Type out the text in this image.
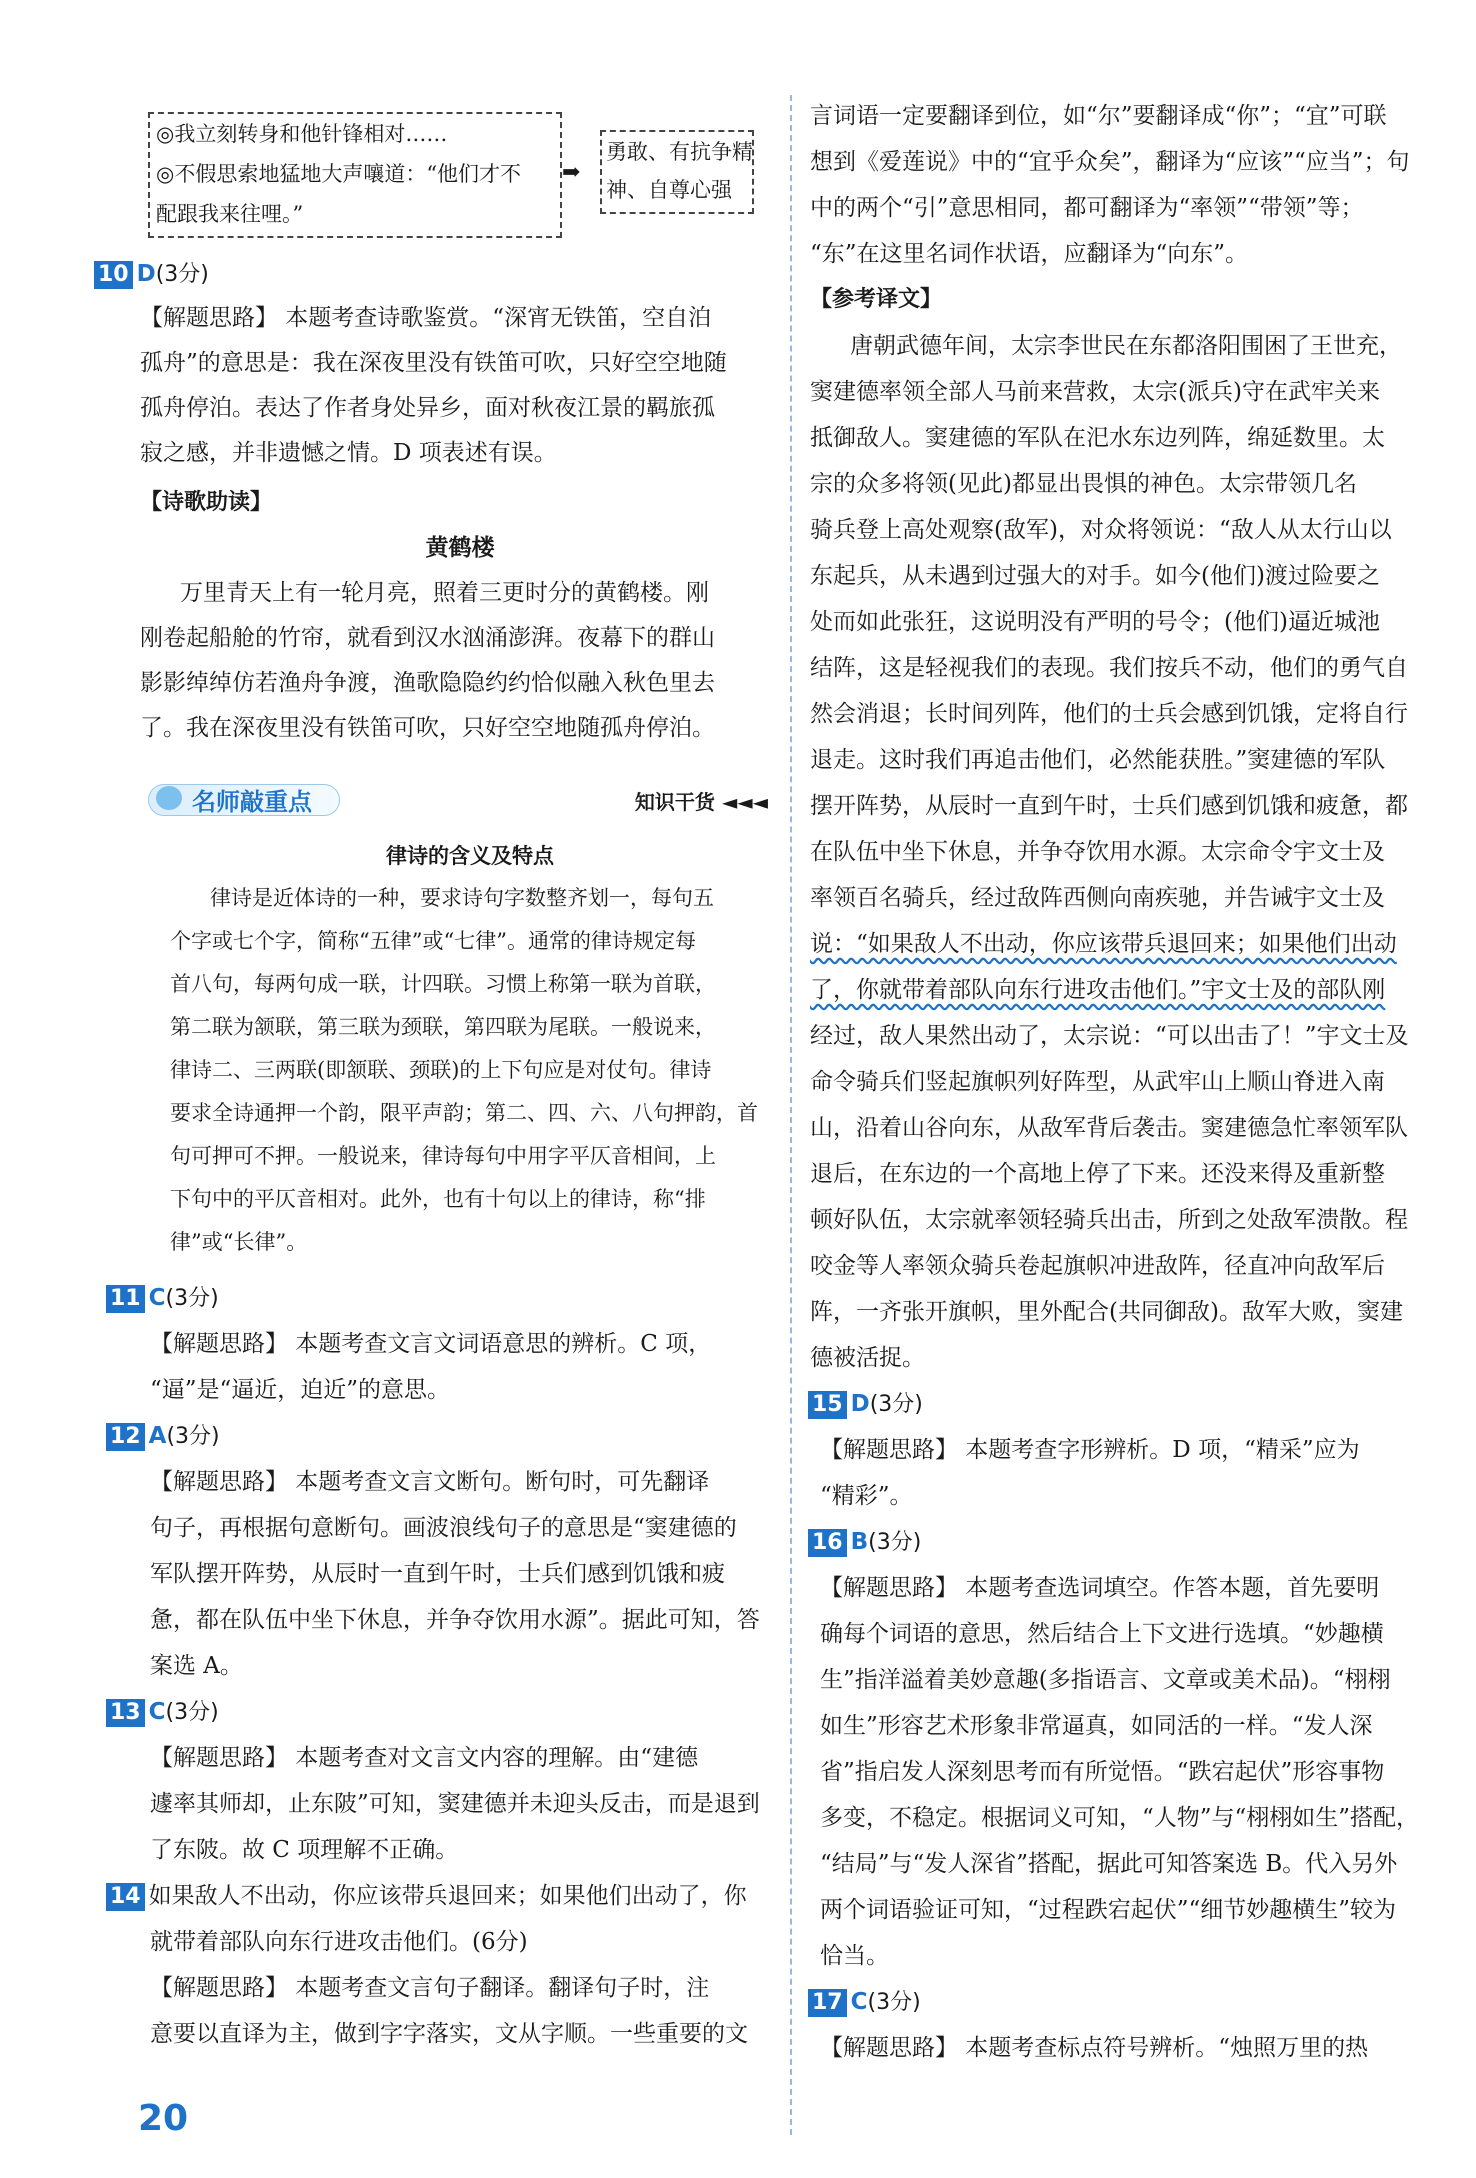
◎我立刻转身和他针锋相对……
◎不假思索地猛地大声嚷道：“他们才不
配跟我来往哩。”
➡
勇敢、有抗争精
神、自尊心强
10 D(3分)
【解题思路】 本题考查诗歌鉴赏。“深宵无铁笛，空自泊
孤舟”的意思是：我在深夜里没有铁笛可吹，只好空空地随
孤舟停泊。表达了作者身处异乡，面对秋夜江景的羁旅孤
寂之感，并非遗憾之情。D 项表述有误。
【诗歌助读】
黄鹤楼
万里青天上有一轮月亮，照着三更时分的黄鹤楼。刚
刚卷起船舱的竹帘，就看到汉水汹涌澎湃。夜幕下的群山
影影绰绰仿若渔舟争渡，渔歌隐隐约约恰似融入秋色里去
了。我在深夜里没有铁笛可吹，只好空空地随孤舟停泊。
名师敲重点	知识干货 ◄◄◄
律诗的含义及特点
律诗是近体诗的一种，要求诗句字数整齐划一，每句五
个字或七个字，简称“五律”或“七律”。通常的律诗规定每
首八句，每两句成一联，计四联。习惯上称第一联为首联，
第二联为颔联，第三联为颈联，第四联为尾联。一般说来，
律诗二、三两联(即颔联、颈联)的上下句应是对仗句。律诗
要求全诗通押一个韵，限平声韵；第二、四、六、八句押韵，首
句可押可不押。一般说来，律诗每句中用字平仄音相间，上
下句中的平仄音相对。此外，也有十句以上的律诗，称“排
律”或“长律”。
11 C(3分)
【解题思路】 本题考查文言文词语意思的辨析。C 项，
“逼”是“逼近，迫近”的意思。
12 A(3分)
【解题思路】 本题考查文言文断句。断句时，可先翻译
句子，再根据句意断句。画波浪线句子的意思是“窦建德的
军队摆开阵势，从辰时一直到午时，士兵们感到饥饿和疲
惫，都在队伍中坐下休息，并争夺饮用水源”。据此可知，答
案选 A。
13 C(3分)
【解题思路】 本题考查对文言文内容的理解。由“建德
遽率其师却，止东陂”可知，窦建德并未迎头反击，而是退到
了东陂。故 C 项理解不正确。
14 如果敌人不出动，你应该带兵退回来；如果他们出动了，你
就带着部队向东行进攻击他们。(6分)
【解题思路】 本题考查文言句子翻译。翻译句子时，注
意要以直译为主，做到字字落实，文从字顺。一些重要的文
20
言词语一定要翻译到位，如“尔”要翻译成“你”；“宜”可联
想到《爱莲说》中的“宜乎众矣”，翻译为“应该”“应当”；句
中的两个“引”意思相同，都可翻译为“率领”“带领”等；
“东”在这里名词作状语，应翻译为“向东”。
【参考译文】
唐朝武德年间，太宗李世民在东都洛阳围困了王世充，
窦建德率领全部人马前来营救，太宗(派兵)守在武牢关来
抵御敌人。窦建德的军队在汜水东边列阵，绵延数里。太
宗的众多将领(见此)都显出畏惧的神色。太宗带领几名
骑兵登上高处观察(敌军)，对众将领说：“敌人从太行山以
东起兵，从未遇到过强大的对手。如今(他们)渡过险要之
处而如此张狂，这说明没有严明的号令；(他们)逼近城池
结阵，这是轻视我们的表现。我们按兵不动，他们的勇气自
然会消退；长时间列阵，他们的士兵会感到饥饿，定将自行
退走。这时我们再追击他们，必然能获胜。”窦建德的军队
摆开阵势，从辰时一直到午时，士兵们感到饥饿和疲惫，都
在队伍中坐下休息，并争夺饮用水源。太宗命令宇文士及
率领百名骑兵，经过敌阵西侧向南疾驰，并告诫宇文士及
说：“如果敌人不出动，你应该带兵退回来；如果他们出动
了，你就带着部队向东行进攻击他们。”宇文士及的部队刚
经过，敌人果然出动了，太宗说：“可以出击了！”宇文士及
命令骑兵们竖起旗帜列好阵型，从武牢山上顺山脊进入南
山，沿着山谷向东，从敌军背后袭击。窦建德急忙率领军队
退后，在东边的一个高地上停了下来。还没来得及重新整
顿好队伍，太宗就率领轻骑兵出击，所到之处敌军溃散。程
咬金等人率领众骑兵卷起旗帜冲进敌阵，径直冲向敌军后
阵，一齐张开旗帜，里外配合(共同御敌)。敌军大败，窦建
德被活捉。
15 D(3分)
【解题思路】 本题考查字形辨析。D 项，“精采”应为
“精彩”。
16 B(3分)
【解题思路】 本题考查选词填空。作答本题，首先要明
确每个词语的意思，然后结合上下文进行选填。“妙趣横
生”指洋溢着美妙意趣(多指语言、文章或美术品)。“栩栩
如生”形容艺术形象非常逼真，如同活的一样。“发人深
省”指启发人深刻思考而有所觉悟。“跌宕起伏”形容事物
多变，不稳定。根据词义可知，“人物”与“栩栩如生”搭配，
“结局”与“发人深省”搭配，据此可知答案选 B。代入另外
两个词语验证可知，“过程跌宕起伏”“细节妙趣横生”较为
恰当。
17 C(3分)
【解题思路】 本题考查标点符号辨析。“烛照万里的热
